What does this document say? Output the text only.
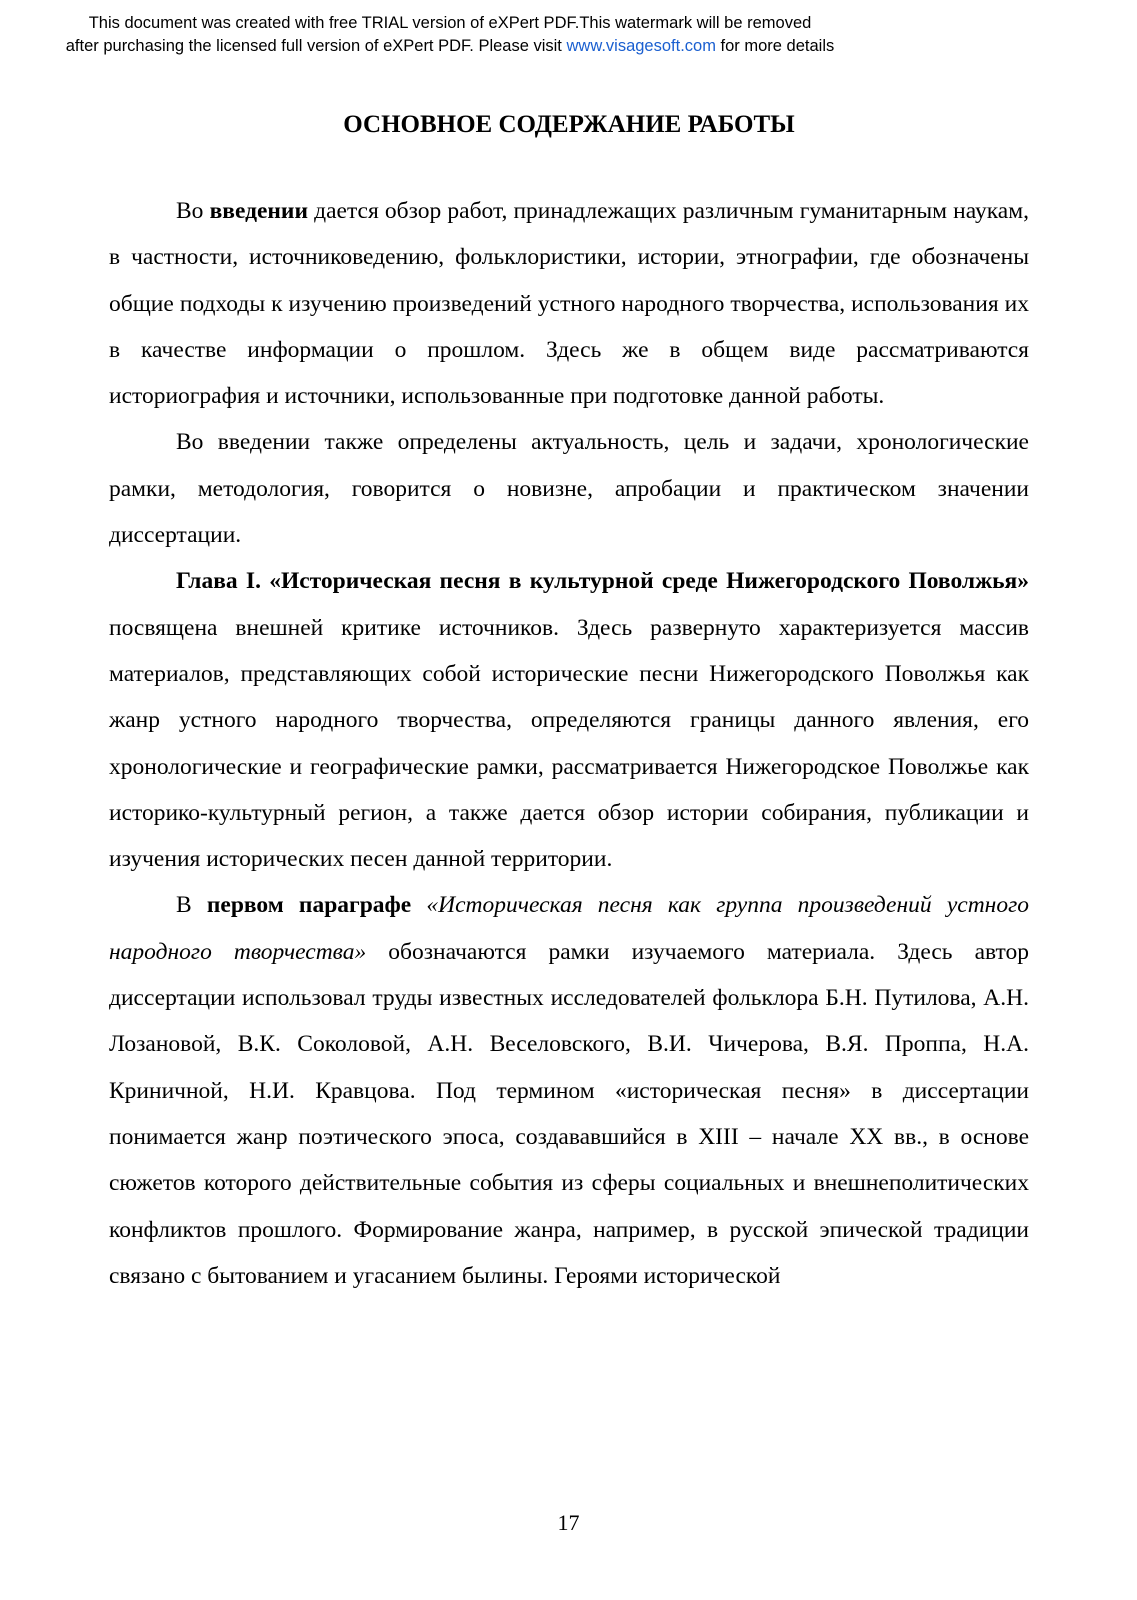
This document was created with free TRIAL version of eXPert PDF.This watermark will be removed
after purchasing the licensed full version of eXPert PDF. Please visit www.visagesoft.com for more details
ОСНОВНОЕ СОДЕРЖАНИЕ РАБОТЫ

Во введении дается обзор работ, принадлежащих различным гуманитарным наукам, в частности, источниковедению, фольклористики, истории, этнографии, где обозначены общие подходы к изучению произведений устного народного творчества, использования их в качестве информации о прошлом. Здесь же в общем виде рассматриваются историография и источники, использованные при подготовке данной работы.

Во введении также определены актуальность, цель и задачи, хронологические рамки, методология, говорится о новизне, апробации и практическом значении диссертации.

Глава I. «Историческая песня в культурной среде Нижегородского Поволжья» посвящена внешней критике источников. Здесь развернуто характеризуется массив материалов, представляющих собой исторические песни Нижегородского Поволжья как жанр устного народного творчества, определяются границы данного явления, его хронологические и географические рамки, рассматривается Нижегородское Поволжье как историко-культурный регион, а также дается обзор истории собирания, публикации и изучения исторических песен данной территории.

В первом параграфе «Историческая песня как группа произведений устного народного творчества» обозначаются рамки изучаемого материала. Здесь автор диссертации использовал труды известных исследователей фольклора Б.Н. Путилова, А.Н. Лозановой, В.К. Соколовой, А.Н. Веселовского, В.И. Чичерова, В.Я. Проппа, Н.А. Криничной, Н.И. Кравцова. Под термином «историческая песня» в диссертации понимается жанр поэтического эпоса, создававшийся в XIII – начале XX вв., в основе сюжетов которого действительные события из сферы социальных и внешнеполитических конфликтов прошлого. Формирование жанра, например, в русской эпической традиции связано с бытованием и угасанием былины. Героями исторической

17
